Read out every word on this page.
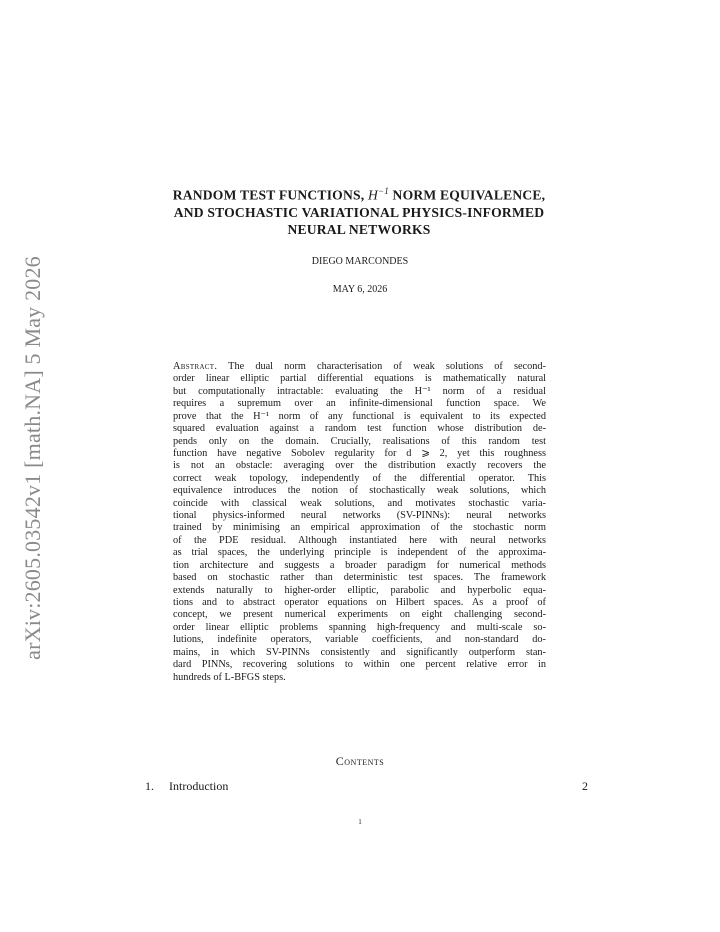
arXiv:2605.03542v1 [math.NA] 5 May 2026
RANDOM TEST FUNCTIONS, $H^{-1}$ NORM EQUIVALENCE,
AND STOCHASTIC VARIATIONAL PHYSICS-INFORMED
NEURAL NETWORKS
DIEGO MARCONDES
MAY 6, 2026
Abstract. The dual norm characterisation of weak solutions of second-
order linear elliptic partial differential equations is mathematically natural
but computationally intractable: evaluating the H⁻¹ norm of a residual
requires a supremum over an infinite-dimensional function space. We
prove that the H⁻¹ norm of any functional is equivalent to its expected
squared evaluation against a random test function whose distribution de-
pends only on the domain. Crucially, realisations of this random test
function have negative Sobolev regularity for d ⩾ 2, yet this roughness
is not an obstacle: averaging over the distribution exactly recovers the
correct weak topology, independently of the differential operator. This
equivalence introduces the notion of stochastically weak solutions, which
coincide with classical weak solutions, and motivates stochastic varia-
tional physics-informed neural networks (SV-PINNs): neural networks
trained by minimising an empirical approximation of the stochastic norm
of the PDE residual. Although instantiated here with neural networks
as trial spaces, the underlying principle is independent of the approxima-
tion architecture and suggests a broader paradigm for numerical methods
based on stochastic rather than deterministic test spaces. The framework
extends naturally to higher-order elliptic, parabolic and hyperbolic equa-
tions and to abstract operator equations on Hilbert spaces. As a proof of
concept, we present numerical experiments on eight challenging second-
order linear elliptic problems spanning high-frequency and multi-scale so-
lutions, indefinite operators, variable coefficients, and non-standard do-
mains, in which SV-PINNs consistently and significantly outperform stan-
dard PINNs, recovering solutions to within one percent relative error in
hundreds of L-BFGS steps.
Contents
1. Introduction	2
1
